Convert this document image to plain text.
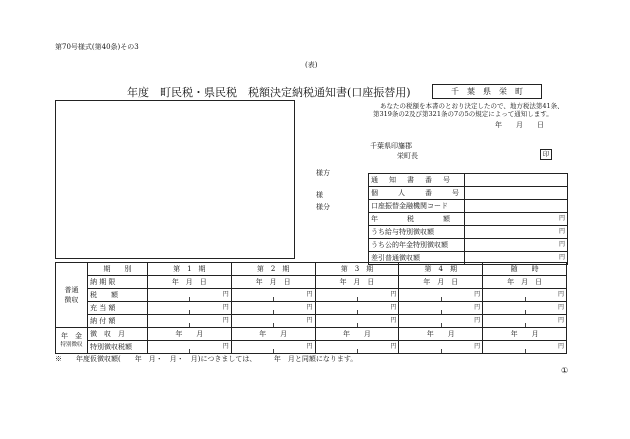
第70号様式(第40条)その3
(表)
年度　町民税・県民税　税額決定納税通知書(口座振替用)	千　葉　県　栄　町
あなたの税額を本書のとおり決定したので、地方税法第41条、
第319条の2及び第321条の7の5の規定によって通知します。
年　　月　　日
千葉県印旛郡
栄町長	印
様方
様
様分
通　知　書　番　号	
個　　人　　番　　号	
口座振替金融機関コード	
年　　　税　　　額	円
うち給与特別徴収額	円
うち公的年金特別徴収額	円
差引普通徴収額	円
普通
徴収	期　　別	第　1　期	第　2　期	第　3　期	第　4　期	随　　時
	納 期 限	年　月　日	年　月　日	年　月　日	年　月　日	年　月　日
	税　　額	円	円	円	円	円
	充 当 額	円	円	円	円	円
	納 付 額	円	円	円	円	円

年　金
特別徴収	徴　収　月	年　　月	年　　月	年　　月	年　　月	年　　月
	特別徴収税額	円	円	円	円	円
※　　年度仮徴収額(　　年　月・　月・　月)につきましては、　　　年　月と同額になります。
①
